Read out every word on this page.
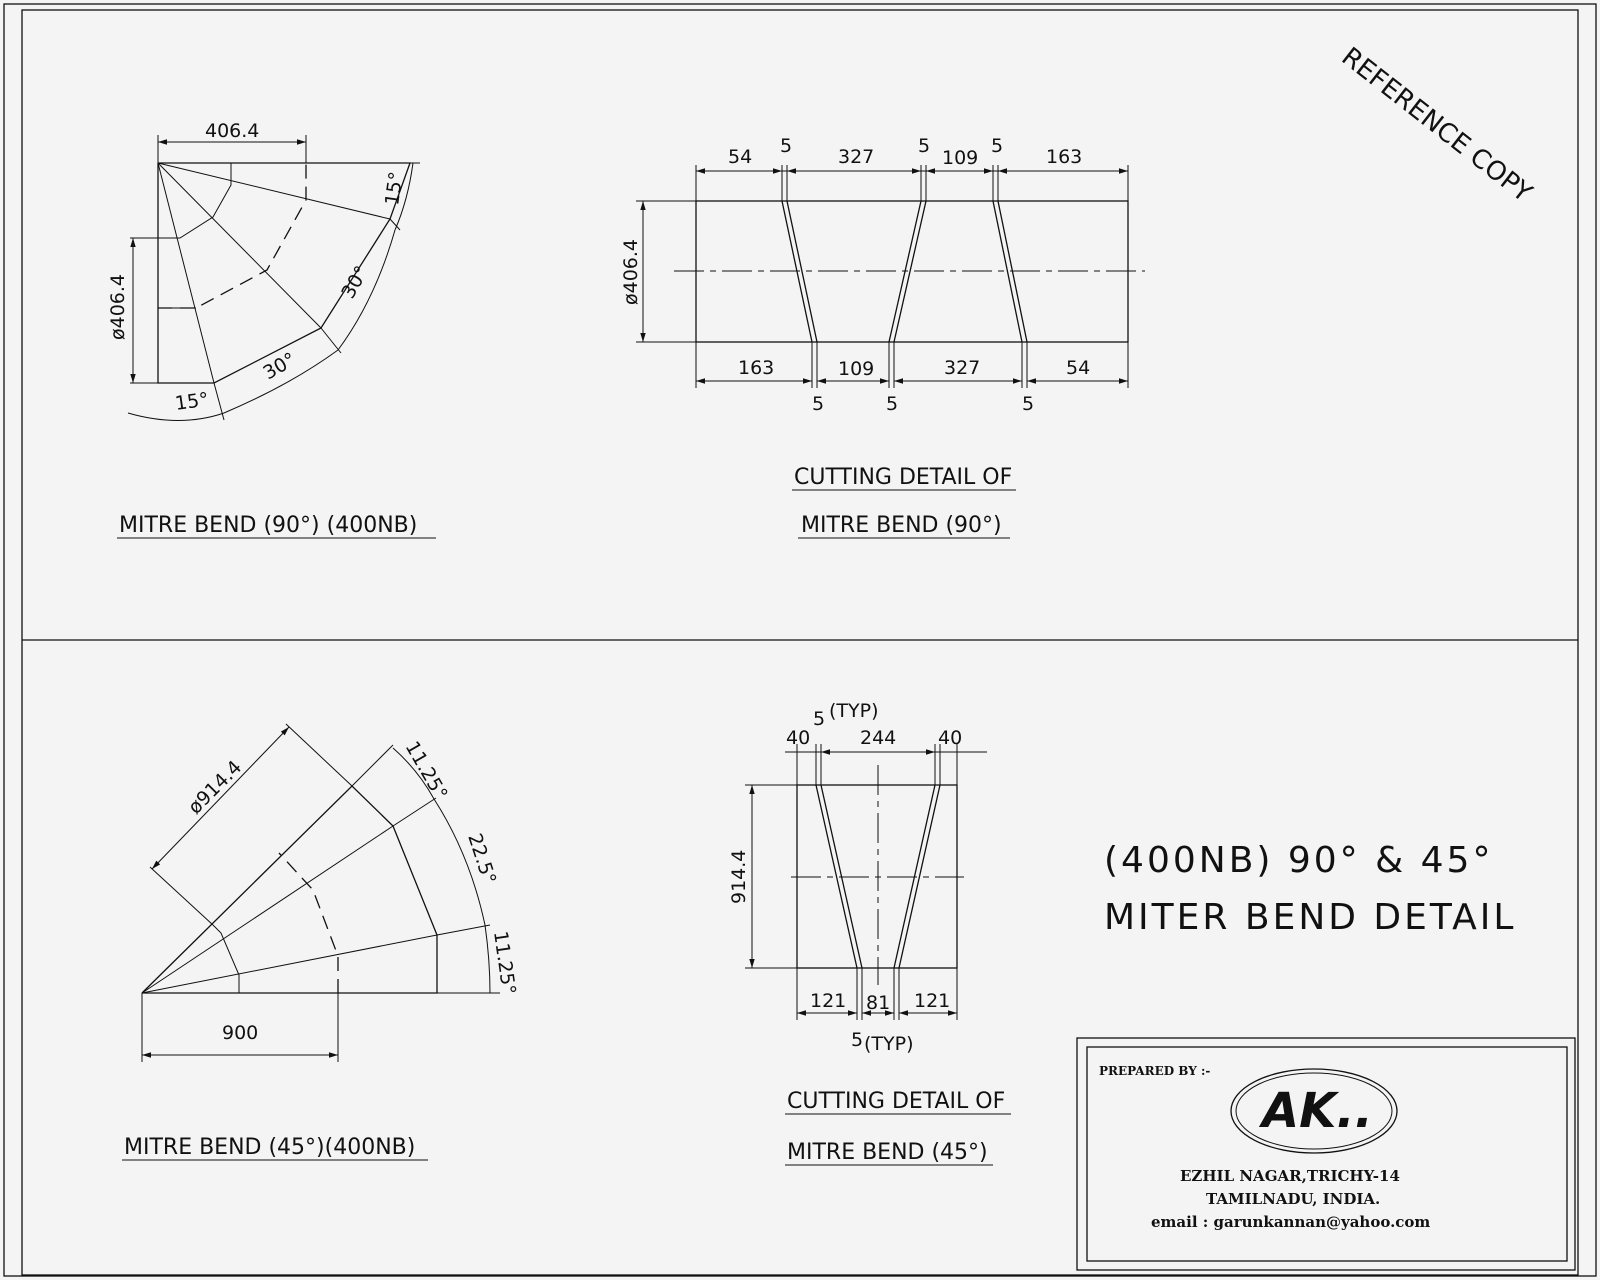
REFERENCE COPY
406.4
ø406.4
15°
30°
30°
15°
MITRE BEND (90°) (400NB)
ø406.4
54 5 327 5
109
5 163
163	109	327	54
5	5	5
CUTTING DETAIL OF
MITRE BEND (90°)
ø914.4
900
11.25°
22.5°
11.25°
MITRE BEND (45°)(400NB)
5 (TYP)
40	244 40
914.4
121 81 121
5 (TYP)
CUTTING DETAIL OF
MITRE BEND (45°)
(400NB) 90° & 45°
MITER BEND DETAIL
PREPARED BY :-
AK..
EZHIL NAGAR,TRICHY-14
TAMILNADU, INDIA.
email : garunkannan@yahoo.com
